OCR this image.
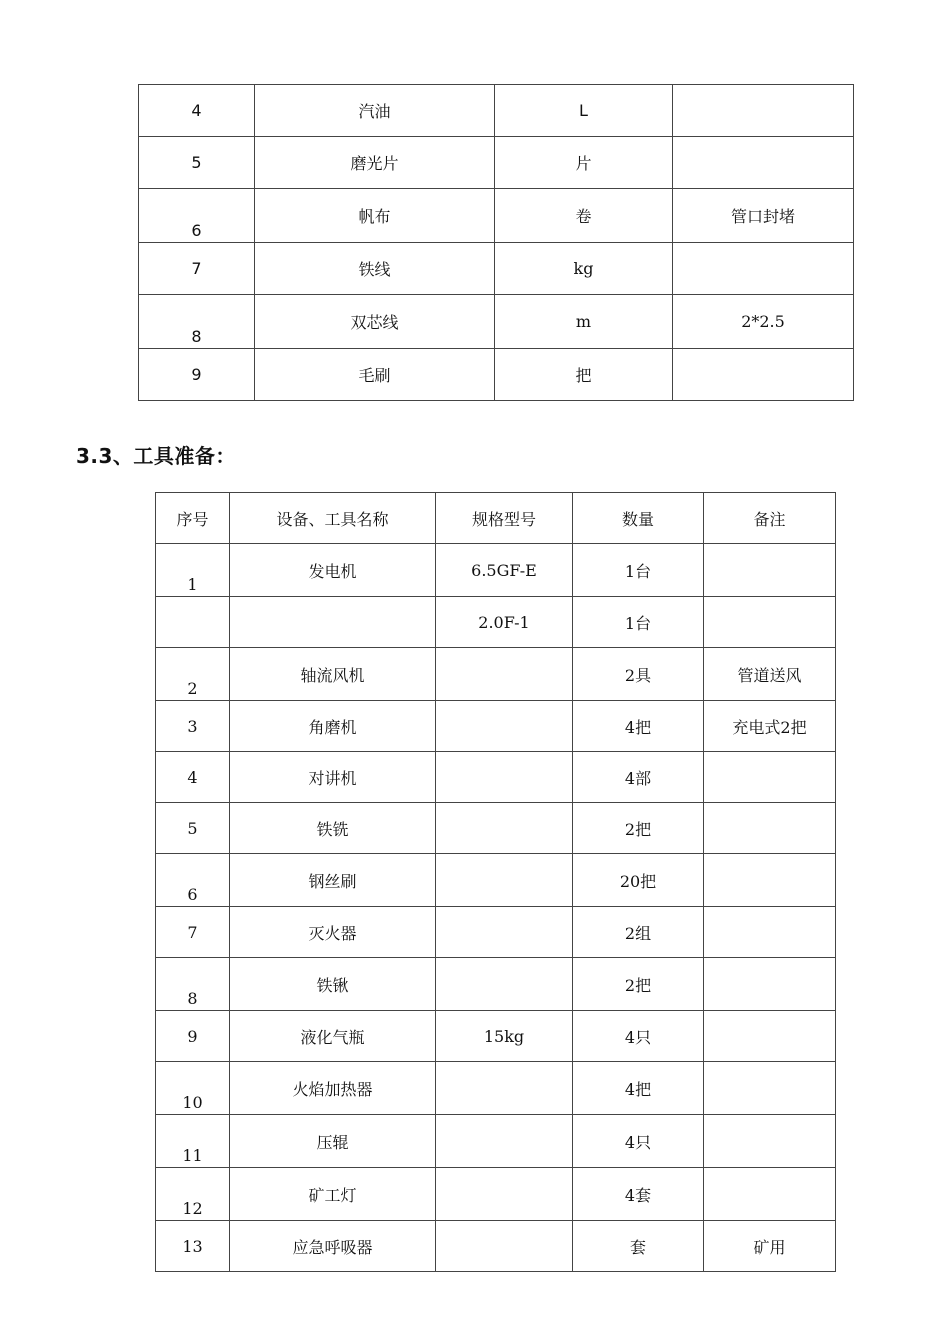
4	汽油	L	
5	磨光片	片	
6	帆布	卷	管口封堵
7	铁线	kg	
8	双芯线	m	2*2.5
9	毛刷	把	
3.3、工具准备：
序号	设备、工具名称	规格型号	数量	备注
1	发电机	6.5GF-E	1台	
		2.0F-1	1台	
2	轴流风机		2具	管道送风
3	角磨机		4把	充电式2把
4	对讲机		4部	
5	铁铣		2把	
6	钢丝刷		20把	
7	灭火器		2组	
8	铁锹		2把	
9	液化气瓶	15kg	4只	
10	火焰加热器		4把	
11	压辊		4只	
12	矿工灯		4套	
13	应急呼吸器		套	矿用
